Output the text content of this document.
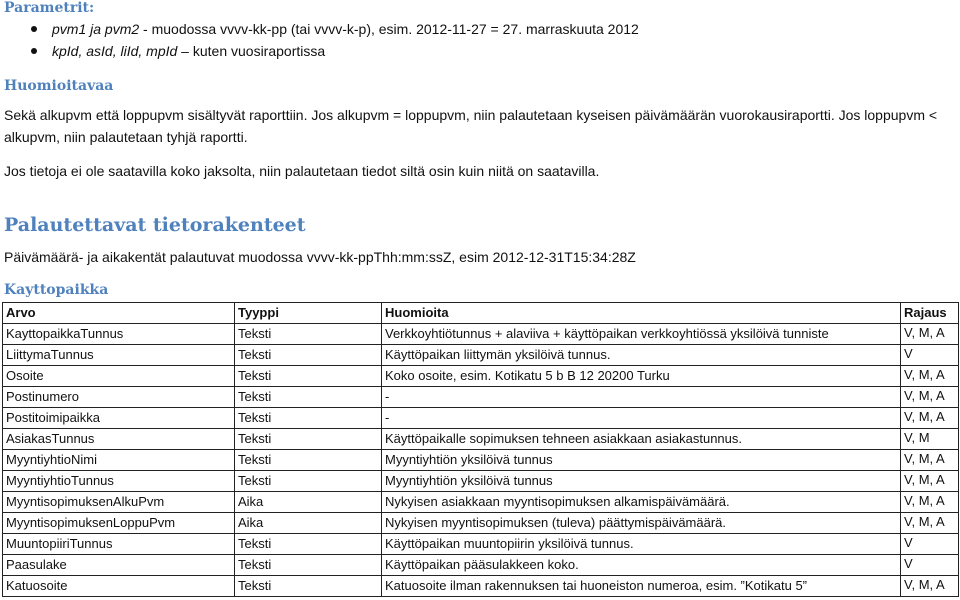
Parametrit:
pvm1 ja pvm2 - muodossa vvvv-kk-pp (tai vvvv-k-p), esim. 2012-11-27 = 27. marraskuuta 2012
kpId, asId, liId, mpId – kuten vuosiraportissa
Huomioitavaa

Sekä alkupvm että loppupvm sisältyvät raporttiin. Jos alkupvm = loppupvm, niin palautetaan kyseisen päivämäärän vuorokausiraportti. Jos loppupvm < alkupvm, niin palautetaan tyhjä raportti.

Jos tietoja ei ole saatavilla koko jaksolta, niin palautetaan tiedot siltä osin kuin niitä on saatavilla.

Palautettavat tietorakenteet

Päivämäärä- ja aikakentät palautuvat muodossa vvvv-kk-ppThh:mm:ssZ, esim 2012-12-31T15:34:28Z

Kayttopaikka
Arvo	Tyyppi	Huomioita	Rajaus
KayttopaikkaTunnus	Teksti	Verkkoyhtiötunnus + alaviiva + käyttöpaikan verkkoyhtiössä yksilöivä tunniste	V, M, A
LiittymaTunnus	Teksti	Käyttöpaikan liittymän yksilöivä tunnus.	V
Osoite	Teksti	Koko osoite, esim. Kotikatu 5 b B 12 20200 Turku	V, M, A
Postinumero	Teksti	-	V, M, A
Postitoimipaikka	Teksti	-	V, M, A
AsiakasTunnus	Teksti	Käyttöpaikalle sopimuksen tehneen asiakkaan asiakastunnus.	V, M
MyyntiyhtioNimi	Teksti	Myyntiyhtiön yksilöivä tunnus	V, M, A
MyyntiyhtioTunnus	Teksti	Myyntiyhtiön yksilöivä tunnus	V, M, A
MyyntisopimuksenAlkuPvm	Aika	Nykyisen asiakkaan myyntisopimuksen alkamispäivämäärä.	V, M, A
MyyntisopimuksenLoppuPvm	Aika	Nykyisen myyntisopimuksen (tuleva) päättymispäivämäärä.	V, M, A
MuuntopiiriTunnus	Teksti	Käyttöpaikan muuntopiirin yksilöivä tunnus.	V
Paasulake	Teksti	Käyttöpaikan pääsulakkeen koko.	V
Katuosoite	Teksti	Katuosoite ilman rakennuksen tai huoneiston numeroa, esim. ”Kotikatu 5”	V, M, A
